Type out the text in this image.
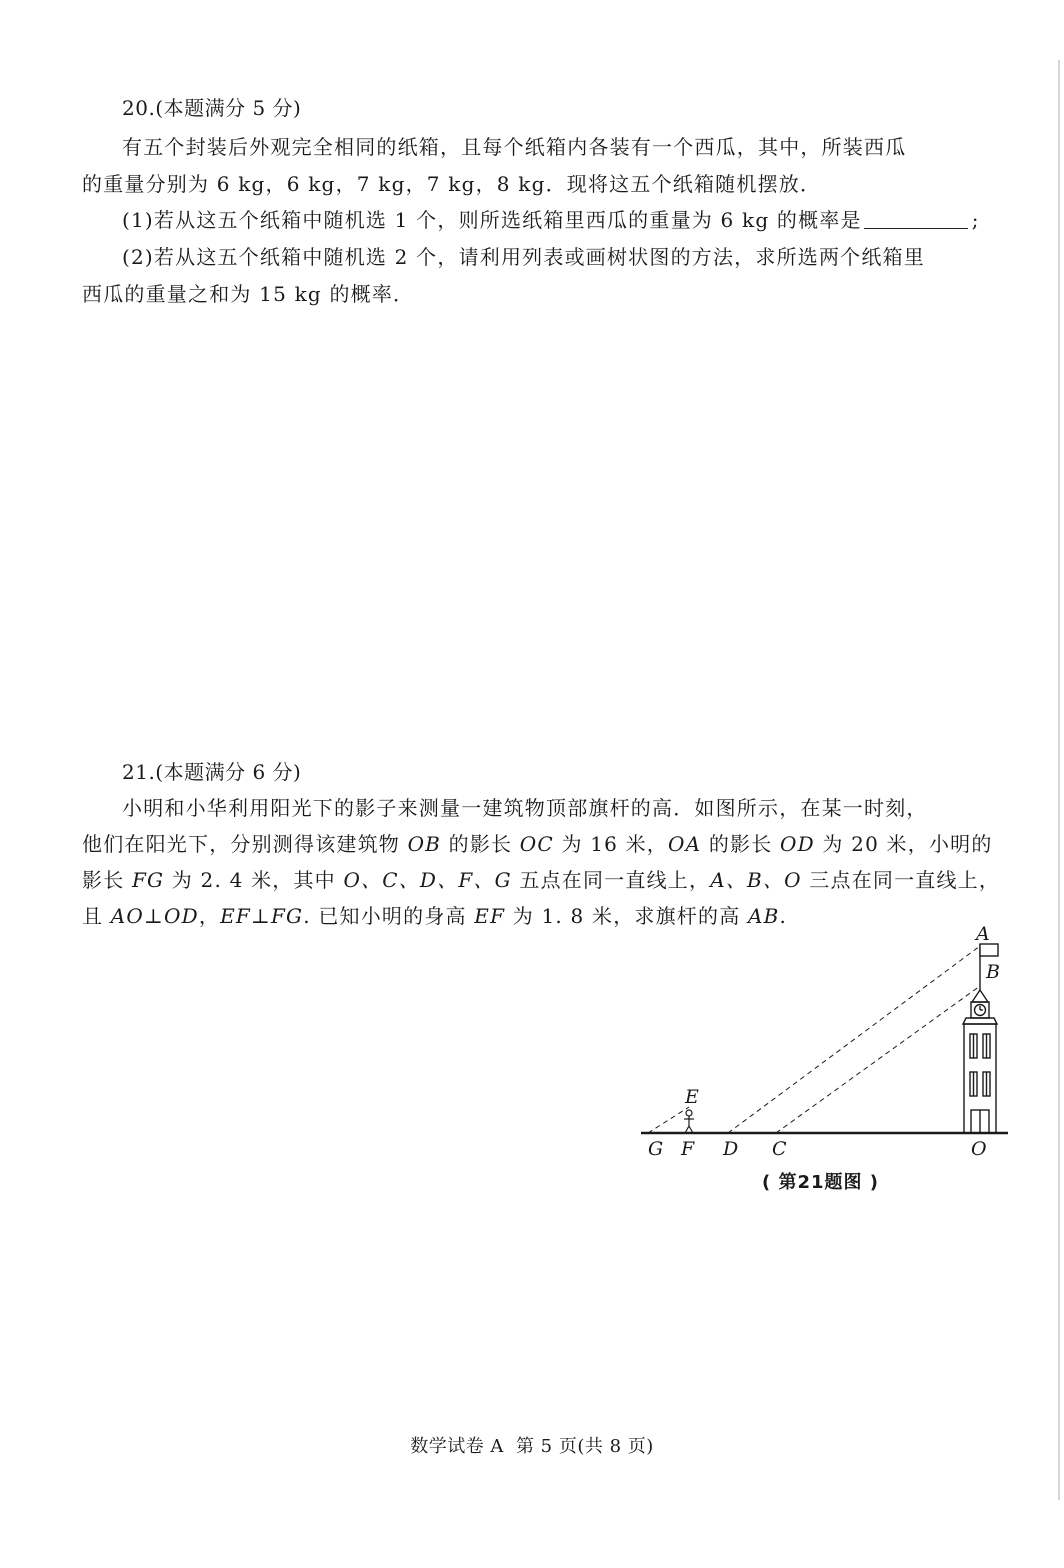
20.(本题满分 5 分)
有五个封装后外观完全相同的纸箱，且每个纸箱内各装有一个西瓜，其中，所装西瓜
的重量分别为 6 kg，6 kg，7 kg，7 kg，8 kg．现将这五个纸箱随机摆放．
(1)若从这五个纸箱中随机选 1 个，则所选纸箱里西瓜的重量为 6 kg 的概率是	;
(2)若从这五个纸箱中随机选 2 个，请利用列表或画树状图的方法，求所选两个纸箱里
西瓜的重量之和为 15 kg 的概率．
21.(本题满分 6 分)
小明和小华利用阳光下的影子来测量一建筑物顶部旗杆的高．如图所示，在某一时刻，
他们在阳光下，分别测得该建筑物 OB 的影长 OC 为 16 米，OA 的影长 OD 为 20 米，小明的
影长 FG 为 2. 4 米，其中 O、C、D、F、G 五点在同一直线上，A、B、O 三点在同一直线上，
且 AO⊥OD，EF⊥FG. 已知小明的身高 EF 为 1. 8 米，求旗杆的高 AB.
A
B
E
G F D C	O
( 第21题图 )
数学试卷 A 第 5 页(共 8 页)
